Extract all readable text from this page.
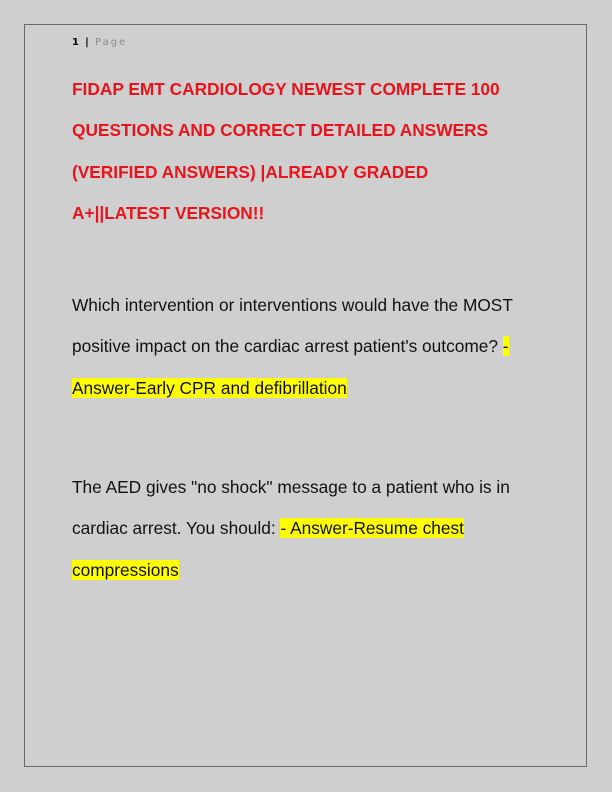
1 | Page
FIDAP EMT CARDIOLOGY NEWEST COMPLETE 100
QUESTIONS AND CORRECT DETAILED ANSWERS
(VERIFIED ANSWERS) |ALREADY GRADED
A+||LATEST VERSION!!

Which intervention or interventions would have the MOST
positive impact on the cardiac arrest patient's outcome? -
Answer-Early CPR and defibrillation

The AED gives "no shock" message to a patient who is in
cardiac arrest. You should: - Answer-Resume chest
compressions
